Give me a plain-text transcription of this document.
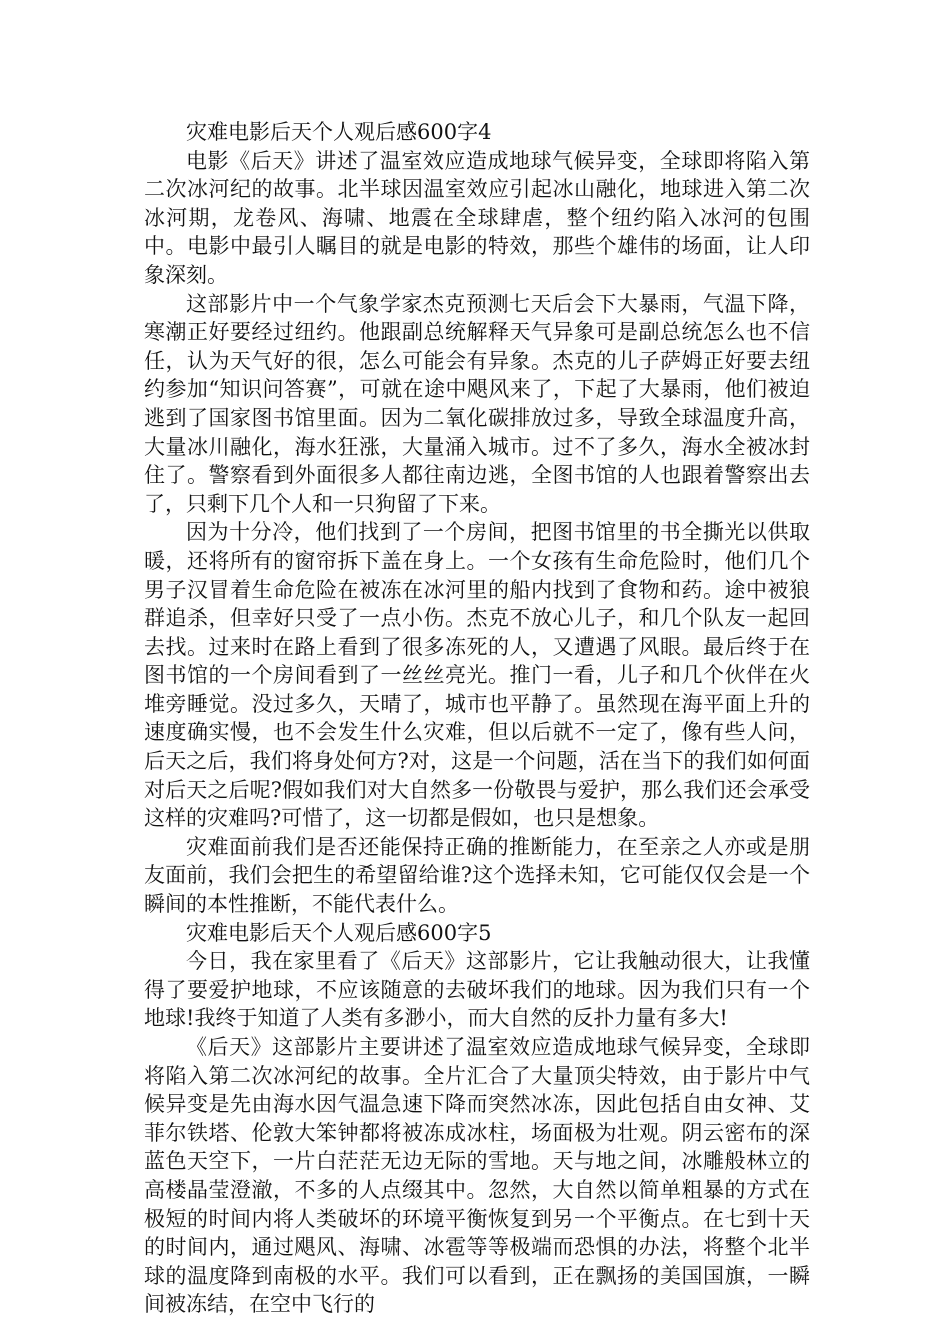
灾难电影后天个人观后感600字4

电影《后天》讲述了温室效应造成地球气候异变，全球即将陷入第二次冰河纪的故事。北半球因温室效应引起冰山融化，地球进入第二次冰河期，龙卷风、海啸、地震在全球肆虐，整个纽约陷入冰河的包围中。电影中最引人瞩目的就是电影的特效，那些个雄伟的场面，让人印象深刻。

这部影片中一个气象学家杰克预测七天后会下大暴雨，气温下降，寒潮正好要经过纽约。他跟副总统解释天气异象可是副总统怎么也不信任，认为天气好的很，怎么可能会有异象。杰克的儿子萨姆正好要去纽约参加“知识问答赛”，可就在途中飓风来了，下起了大暴雨，他们被迫逃到了国家图书馆里面。因为二氧化碳排放过多，导致全球温度升高，大量冰川融化，海水狂涨，大量涌入城市。过不了多久，海水全被冰封住了。警察看到外面很多人都往南边逃，全图书馆的人也跟着警察出去了，只剩下几个人和一只狗留了下来。

因为十分冷，他们找到了一个房间，把图书馆里的书全撕光以供取暖，还将所有的窗帘拆下盖在身上。一个女孩有生命危险时，他们几个男子汉冒着生命危险在被冻在冰河里的船内找到了食物和药。途中被狼群追杀，但幸好只受了一点小伤。杰克不放心儿子，和几个队友一起回去找。过来时在路上看到了很多冻死的人，又遭遇了风眼。最后终于在图书馆的一个房间看到了一丝丝亮光。推门一看，儿子和几个伙伴在火堆旁睡觉。没过多久，天晴了，城市也平静了。虽然现在海平面上升的速度确实慢，也不会发生什么灾难，但以后就不一定了，像有些人问，后天之后，我们将身处何方?对，这是一个问题，活在当下的我们如何面对后天之后呢?假如我们对大自然多一份敬畏与爱护，那么我们还会承受这样的灾难吗?可惜了，这一切都是假如，也只是想象。

灾难面前我们是否还能保持正确的推断能力，在至亲之人亦或是朋友面前，我们会把生的希望留给谁?这个选择未知，它可能仅仅会是一个瞬间的本性推断，不能代表什么。

灾难电影后天个人观后感600字5

今日，我在家里看了《后天》这部影片，它让我触动很大，让我懂得了要爱护地球，不应该随意的去破坏我们的地球。因为我们只有一个地球!我终于知道了人类有多渺小，而大自然的反扑力量有多大!

《后天》这部影片主要讲述了温室效应造成地球气候异变，全球即将陷入第二次冰河纪的故事。全片汇合了大量顶尖特效，由于影片中气候异变是先由海水因气温急速下降而突然冰冻，因此包括自由女神、艾菲尔铁塔、伦敦大笨钟都将被冻成冰柱，场面极为壮观。阴云密布的深蓝色天空下，一片白茫茫无边无际的雪地。天与地之间，冰雕般林立的高楼晶莹澄澈，不多的人点缀其中。忽然，大自然以简单粗暴的方式在极短的时间内将人类破坏的环境平衡恢复到另一个平衡点。在七到十天的时间内，通过飓风、海啸、冰雹等等极端而恐惧的办法，将整个北半球的温度降到南极的水平。我们可以看到，正在飘扬的美国国旗，一瞬间被冻结，在空中飞行的
